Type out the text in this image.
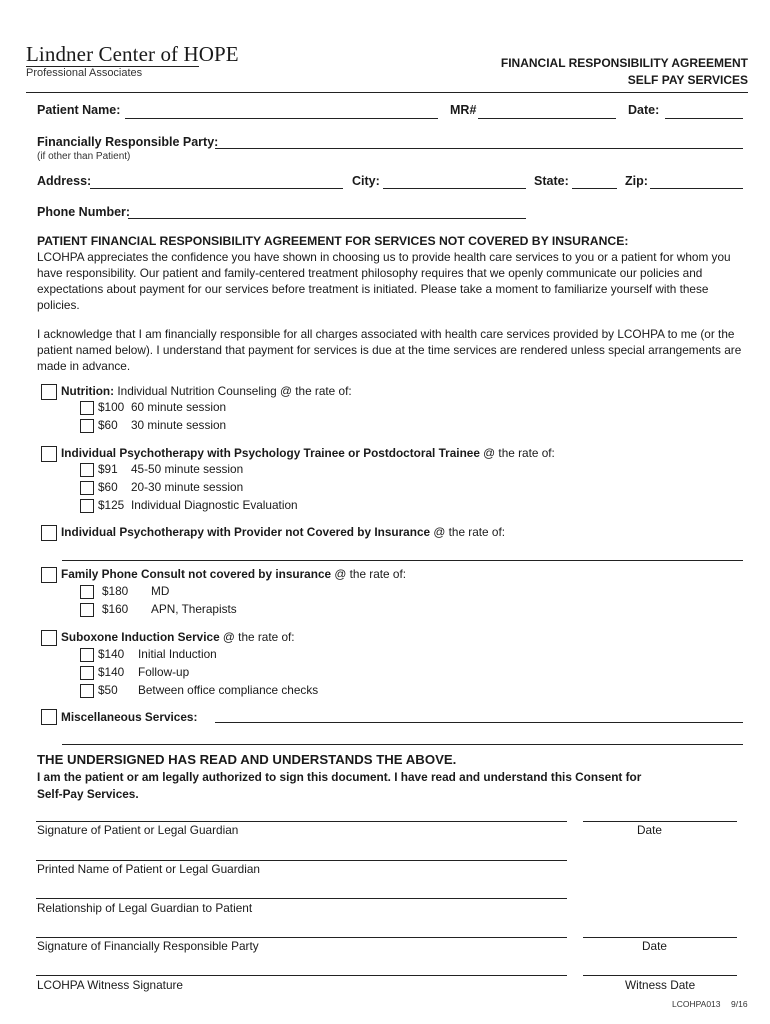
Lindner Center of HOPE
Professional Associates
FINANCIAL RESPONSIBILITY AGREEMENT
SELF PAY SERVICES
Patient Name:	MR#	Date:
Financially Responsible Party:
(if other than Patient)
Address:	City:	State:	Zip:
Phone Number:
PATIENT FINANCIAL RESPONSIBILITY AGREEMENT FOR SERVICES NOT COVERED BY INSURANCE:
LCOHPA appreciates the confidence you have shown in choosing us to provide health care services to you or a patient for whom you have responsibility. Our patient and family-centered treatment philosophy requires that we openly communicate our policies and expectations about payment for our services before treatment is initiated. Please take a moment to familiarize yourself with these policies.
I acknowledge that I am financially responsible for all charges associated with health care services provided by LCOHPA to me (or the patient named below). I understand that payment for services is due at the time services are rendered unless special arrangements are made in advance.
Nutrition: Individual Nutrition Counseling @ the rate of:
$100 60 minute session
$60 30 minute session
Individual Psychotherapy with Psychology Trainee or Postdoctoral Trainee @ the rate of:
$91 45-50 minute session
$60 20-30 minute session
$125 Individual Diagnostic Evaluation
Individual Psychotherapy with Provider not Covered by Insurance @ the rate of:
Family Phone Consult not covered by insurance @ the rate of:
$180 MD
$160 APN, Therapists
Suboxone Induction Service @ the rate of:
$140 Initial Induction
$140 Follow-up
$50 Between office compliance checks
Miscellaneous Services:
THE UNDERSIGNED HAS READ AND UNDERSTANDS THE ABOVE.
I am the patient or am legally authorized to sign this document. I have read and understand this Consent for
Self-Pay Services.
Signature of Patient or Legal Guardian	Date
Printed Name of Patient or Legal Guardian
Relationship of Legal Guardian to Patient
Signature of Financially Responsible Party	Date
LCOHPA Witness Signature	Witness Date
LCOHPA013 9/16
